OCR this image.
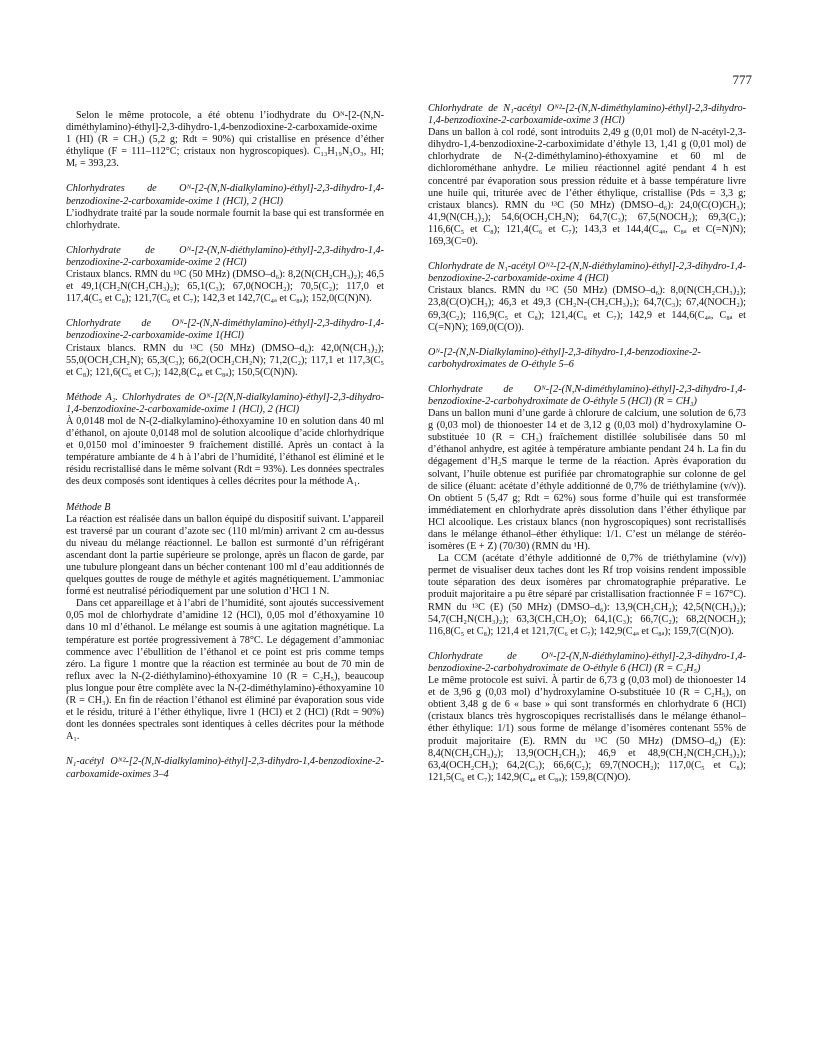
777

Selon le même protocole, a été obtenu l’iodhydrate du Oᴺ-[2-(N,N-diméthylamino)-éthyl]-2,3-dihydro-1,4-benzodioxine-2-carboxamide-oxime 1 (HI) (R = CH₃) (5,2 g; Rdt = 90%) qui cristallise en présence d’éther éthylique (F = 111–112°C; cristaux non hygroscopiques). C₁₃H₁₉N₃O₃, HI; Mᵣ = 393,23.

Chlorhydrates de Oᴺ-[2-(N,N-dialkylamino)-éthyl]-2,3-dihydro-1,4-benzodioxine-2-carboxamide-oxime 1 (HCl), 2 (HCl)

L’iodhydrate traité par la soude normale fournit la base qui est transformée en chlorhydrate.

Chlorhydrate de Oᴺ-[2-(N,N-diéthylamino)-éthyl]-2,3-dihydro-1,4-benzodioxine-2-carboxamide-oxime 2 (HCl)

Cristaux blancs. RMN du ¹³C (50 MHz) (DMSO–d₆): 8,2(N(CH₂CH₃)₂); 46,5 et 49,1(CH₂N(CH₂CH₃)₂); 65,1(C₃); 67,0(NOCH₂); 70,5(C₂); 117,0 et 117,4(C₅ et C₈); 121,7(C₆ et C₇); 142,3 et 142,7(C₄ₐ et C₈ₐ); 152,0(C(N)N).

Chlorhydrate de Oᴺ-[2-(N,N-diméthylamino)-éthyl]-2,3-dihydro-1,4-benzodioxine-2-carboxamide-oxime 1(HCl)

Cristaux blancs. RMN du ¹³C (50 MHz) (DMSO–d₆): 42,0(N(CH₃)₂); 55,0(OCH₂CH₂N); 65,3(C₃); 66,2(OCH₂CH₂N); 71,2(C₂); 117,1 et 117,3(C₅ et C₈); 121,6(C₆ et C₇); 142,8(C₄ₐ et C₈ₐ); 150,5(C(N)N).

Méthode A₂. Chlorhydrates de Oᴺ-[2(N,N-dialkylamino)-éthyl]-2,3-dihydro-1,4-benzodioxine-2-carboxamide-oxime 1 (HCl), 2 (HCl)

À 0,0148 mol de N-(2-dialkylamino)-éthoxyamine 10 en solution dans 40 ml d’éthanol, on ajoute 0,0148 mol de solution alcoolique d’acide chlorhydrique et 0,0150 mol d’iminoester 9 fraîchement distillé. Après un contact à la température ambiante de 4 h à l’abri de l’humidité, l’éthanol est éliminé et le résidu recristallisé dans le même solvant (Rdt = 93%). Les données spectrales des deux composés sont identiques à celles décrites pour la méthode A₁.

Méthode B

La réaction est réalisée dans un ballon équipé du dispositif suivant. L’appareil est traversé par un courant d’azote sec (110 ml/min) arrivant 2 cm au-dessus du niveau du mélange réactionnel. Le ballon est surmonté d’un réfrigérant ascendant dont la partie supérieure se prolonge, après un flacon de garde, par une tubulure plongeant dans un bécher contenant 100 ml d’eau additionnés de quelques gouttes de rouge de méthyle et agités magnétiquement. L’ammoniac formé est neutralisé périodiquement par une solution d’HCl 1 N.

Dans cet appareillage et à l’abri de l’humidité, sont ajoutés successivement 0,05 mol de chlorhydrate d’amidine 12 (HCl), 0,05 mol d’éthoxyamine 10 dans 10 ml d’éthanol. Le mélange est soumis à une agitation magnétique. La température est portée progressivement à 78°C. Le dégagement d’ammoniac commence avec l’ébullition de l’éthanol et ce point est pris comme temps zéro. La figure 1 montre que la réaction est terminée au bout de 70 min de reflux avec la N-(2-diéthylamino)-éthoxyamine 10 (R = C₂H₅), beaucoup plus longue pour être complète avec la N-(2-diméthylamino)-éthoxyamine 10 (R = CH₃). En fin de réaction l’éthanol est éliminé par évaporation sous vide et le résidu, trituré à l’éther éthylique, livre 1 (HCl) et 2 (HCl) (Rdt = 90%) dont les données spectrales sont identiques à celles décrites pour la méthode A₁.

N₁-acétyl Oᴺ²-[2-(N,N-dialkylamino)-éthyl]-2,3-dihydro-1,4-benzodioxine-2-carboxamide-oximes 3–4

Chlorhydrate de N₁-acétyl Oᴺ²-[2-(N,N-diméthylamino)-éthyl]-2,3-dihydro-1,4-benzodioxine-2-carboxamide-oxime 3 (HCl)

Dans un ballon à col rodé, sont introduits 2,49 g (0,01 mol) de N-acétyl-2,3-dihydro-1,4-benzodioxine-2-carboximidate d’éthyle 13, 1,41 g (0,01 mol) de chlorhydrate de N-(2-diméthylamino)-éthoxyamine et 60 ml de dichlorométhane anhydre. Le milieu réactionnel agité pendant 4 h est concentré par évaporation sous pression réduite et à basse température livre une huile qui, triturée avec de l’éther éthylique, cristallise (Pds = 3,3 g; cristaux blancs). RMN du ¹³C (50 MHz) (DMSO–d₆): 24,0(C(O)CH₃); 41,9(N(CH₃)₂); 54,6(OCH₂CH₂N); 64,7(C₃); 67,5(NOCH₂); 69,3(C₂); 116,6(C₅ et C₈); 121,4(C₆ et C₇); 143,3 et 144,4(C₄ₐ, C₈ₐ et C(=N)N); 169,3(C=0).

Chlorhydrate de N₁-acétyl Oᴺ²-[2-(N,N-diéthylamino)-éthyl]-2,3-dihydro-1,4-benzodioxine-2-carboxamide-oxime 4 (HCl)

Cristaux blancs. RMN du ¹³C (50 MHz) (DMSO–d₆): 8,0(N(CH₂CH₃)₂); 23,8(C(O)CH₃); 46,3 et 49,3 (CH₂N-(CH₂CH₃)₂); 64,7(C₃); 67,4(NOCH₂); 69,3(C₂); 116,9(C₅ et C₈); 121,4(C₆ et C₇); 142,9 et 144,6(C₄ₐ, C₈ₐ et C(=N)N); 169,0(C(O)).

Oᴺ-[2-(N,N-Dialkylamino)-éthyl]-2,3-dihydro-1,4-benzodioxine-2-carbohydroximates de O-éthyle 5–6

Chlorhydrate de Oᴺ-[2-(N,N-diméthylamino)-éthyl]-2,3-dihydro-1,4-benzodioxine-2-carbohydroximate de O-éthyle 5 (HCl) (R = CH₃)

Dans un ballon muni d’une garde à chlorure de calcium, une solution de 6,73 g (0,03 mol) de thionoester 14 et de 3,12 g (0,03 mol) d’hydroxylamine O-substituée 10 (R = CH₃) fraîchement distillée solubilisée dans 50 ml d’éthanol anhydre, est agitée à température ambiante pendant 24 h. La fin du dégagement d’H₂S marque le terme de la réaction. Après évaporation du solvant, l’huile obtenue est purifiée par chromatographie sur colonne de gel de silice (éluant: acétate d’éthyle additionné de 0,7% de triéthylamine (v/v)). On obtient 5 (5,47 g; Rdt = 62%) sous forme d’huile qui est transformée immédiatement en chlorhydrate après dissolution dans l’éther éthylique par HCl alcoolique. Les cristaux blancs (non hygroscopiques) sont recristallisés dans le mélange éthanol–éther éthylique: 1/1. C’est un mélange de stéréo-isomères (E + Z) (70/30) (RMN du ¹H).

La CCM (acétate d’éthyle additionné de 0,7% de triéthylamine (v/v)) permet de visualiser deux taches dont les Rf trop voisins rendent impossible toute séparation des deux isomères par chromatographie préparative. Le produit majoritaire a pu être séparé par cristallisation fractionnée F = 167°C). RMN du ¹³C (E) (50 MHz) (DMSO–d₆): 13,9(CH₃CH₂); 42,5(N(CH₃)₂); 54,7(CH₂N(CH₃)₂); 63,3(CH₃CH₂O); 64,1(C₃); 66,7(C₂); 68,2(NOCH₂); 116,8(C₅ et C₈); 121,4 et 121,7(C₆ et C₇); 142,9(C₄ₐ et C₈ₐ); 159,7(C(N)O).

Chlorhydrate de Oᴺ-[2-(N,N-diéthylamino)-éthyl]-2,3-dihydro-1,4-benzodioxine-2-carbohydroximate de O-éthyle 6 (HCl) (R = C₂H₅)

Le même protocole est suivi. À partir de 6,73 g (0,03 mol) de thionoester 14 et de 3,96 g (0,03 mol) d’hydroxylamine O-substituée 10 (R = C₂H₅), on obtient 3,48 g de 6 « base » qui sont transformés en chlorhydrate 6 (HCl) (cristaux blancs très hygroscopiques recristallisés dans le mélange éthanol–éther éthylique: 1/1) sous forme de mélange d’isomères contenant 55% de produit majoritaire (E). RMN du ¹³C (50 MHz) (DMSO–d₆) (E): 8,4(N(CH₂CH₃)₂); 13,9(OCH₂CH₃); 46,9 et 48,9(CH₂N(CH₂CH₃)₂); 63,4(OCH₂CH₃); 64,2(C₃); 66,6(C₂); 69,7(NOCH₂); 117,0(C₅ et C₈); 121,5(C₆ et C₇); 142,9(C₄ₐ et C₈ₐ); 159,8(C(N)O).
